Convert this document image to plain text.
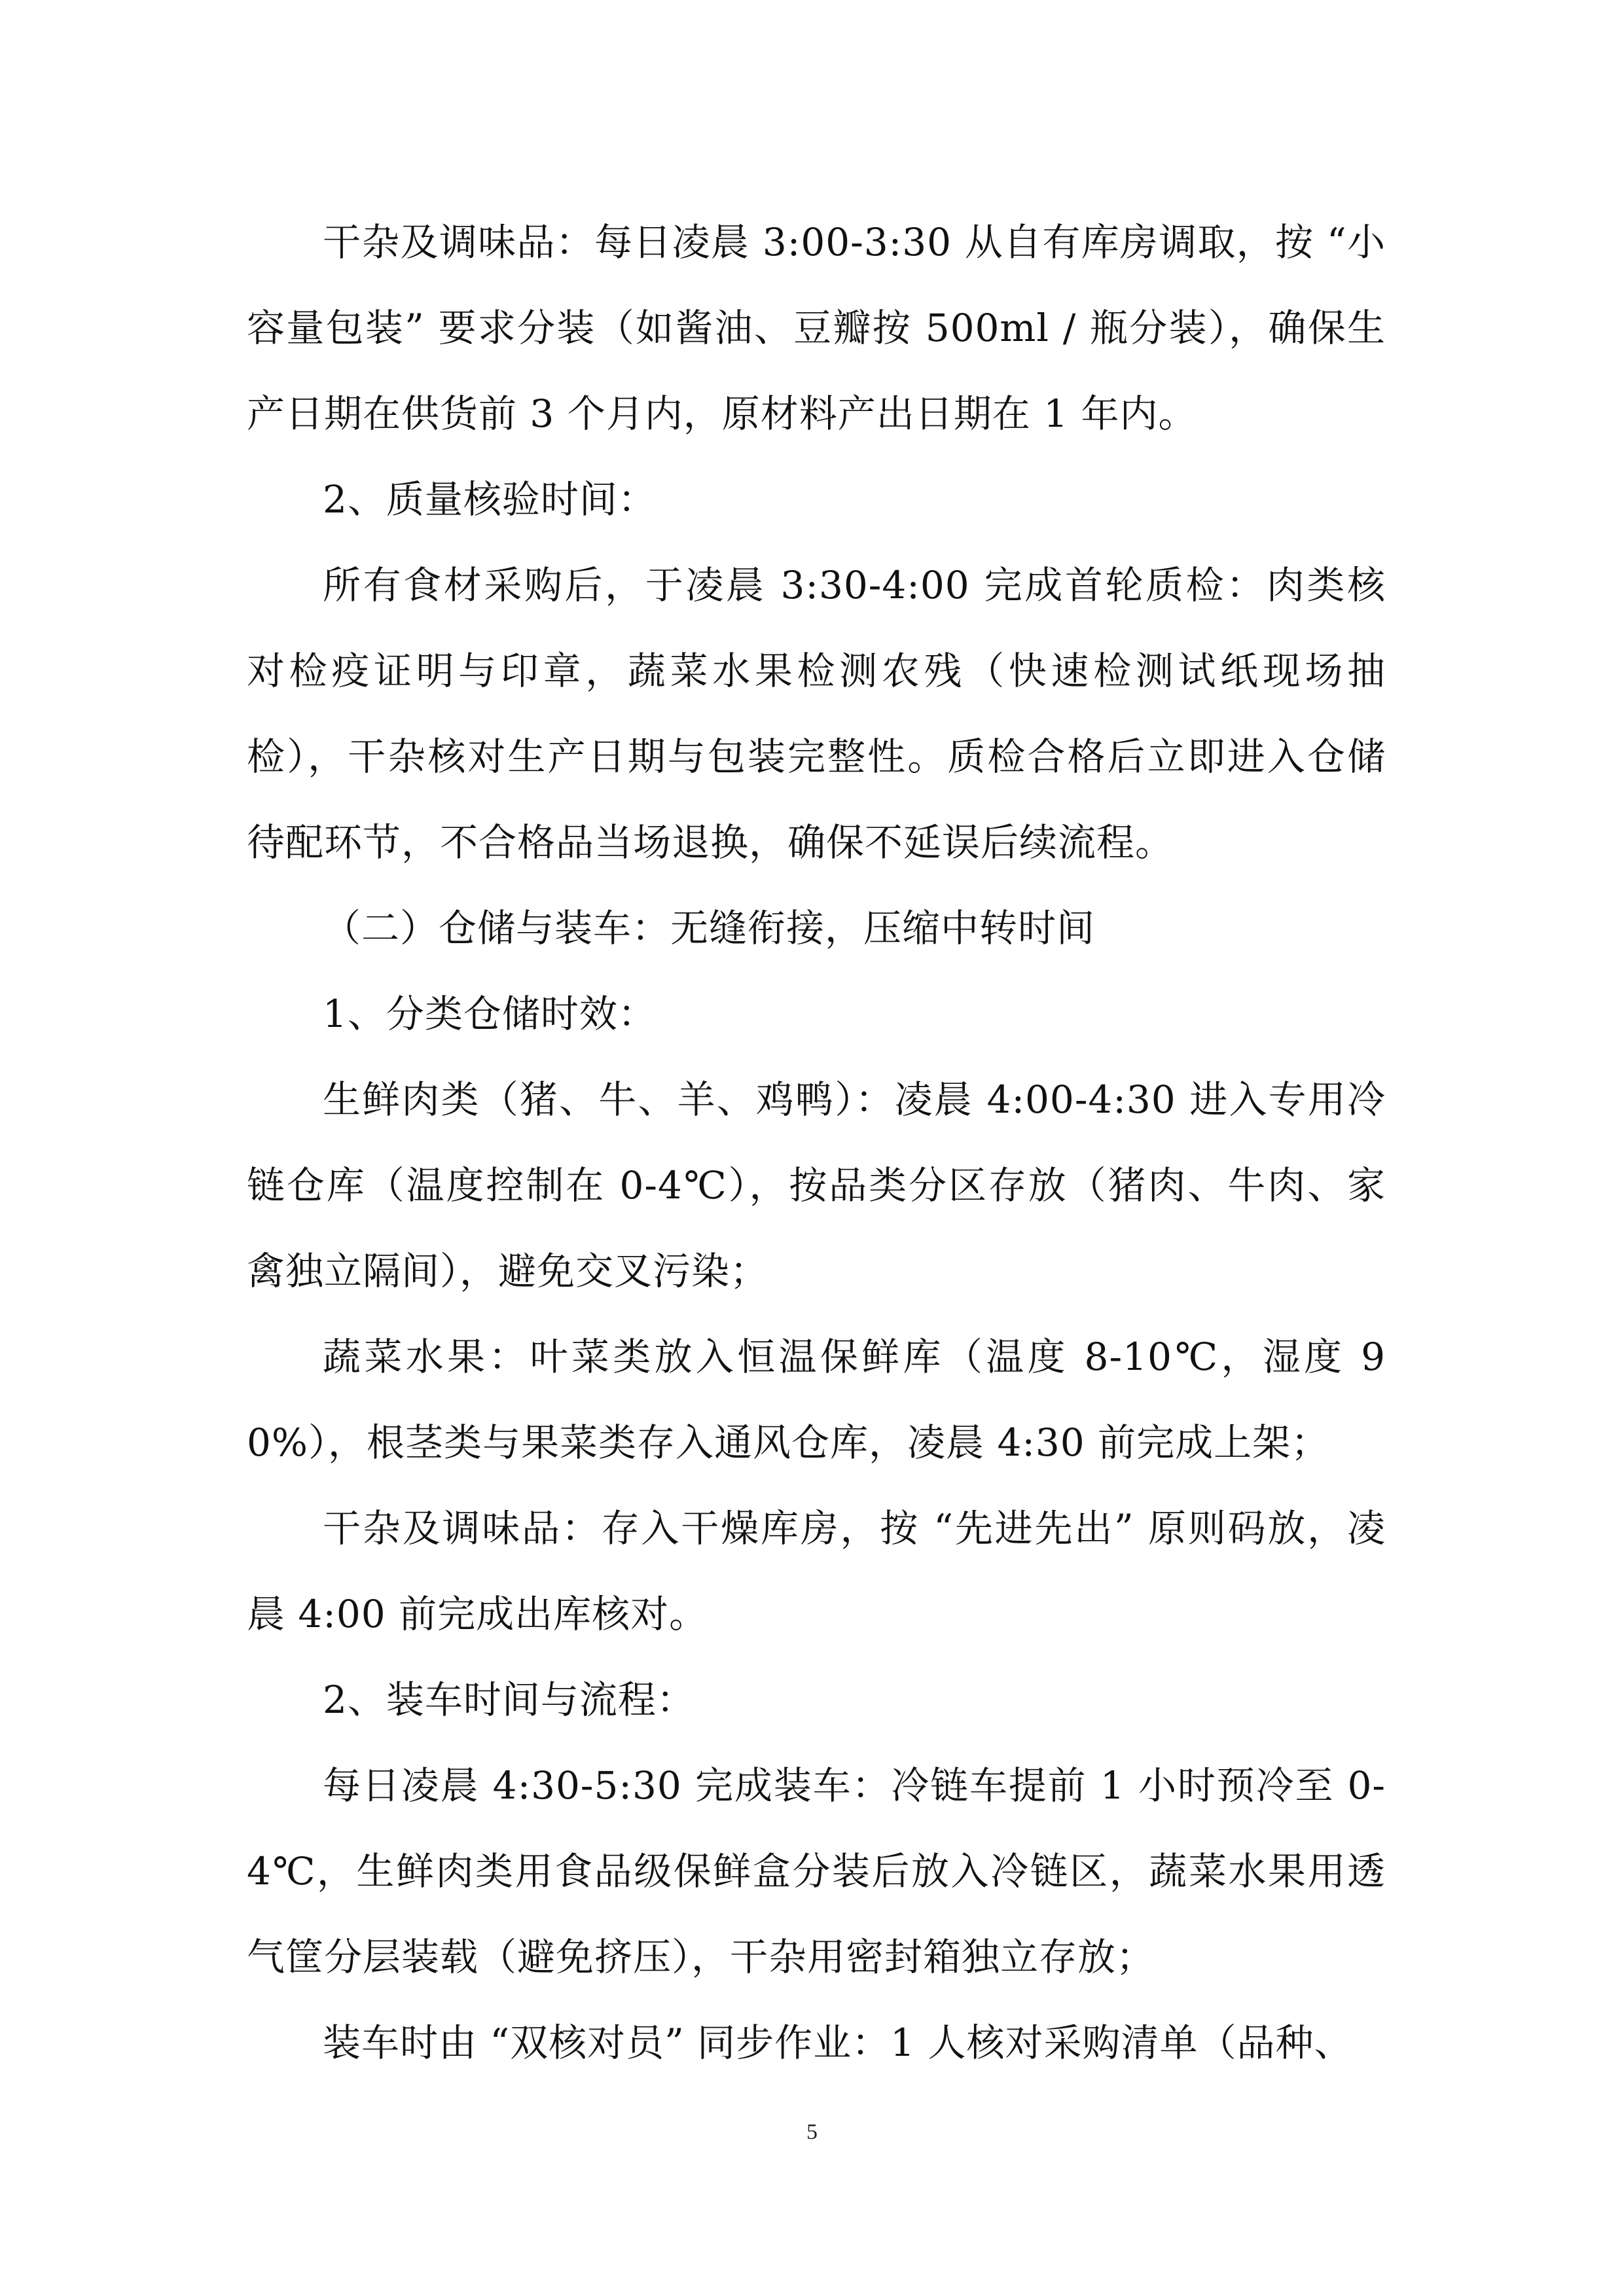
干杂及调味品：每日凌晨 3:00-3:30 从自有库房调取，按 “小容量包装” 要求分装（如酱油、豆瓣按 500ml / 瓶分装），确保生产日期在供货前 3 个月内，原材料产出日期在 1 年内。

2、质量核验时间：

所有食材采购后，于凌晨 3:30-4:00 完成首轮质检：肉类核对检疫证明与印章，蔬菜水果检测农残（快速检测试纸现场抽检），干杂核对生产日期与包装完整性。质检合格后立即进入仓储待配环节，不合格品当场退换，确保不延误后续流程。

（二）仓储与装车：无缝衔接，压缩中转时间

1、分类仓储时效：

生鲜肉类（猪、牛、羊、鸡鸭）：凌晨 4:00-4:30 进入专用冷链仓库（温度控制在 0-4℃），按品类分区存放（猪肉、牛肉、家禽独立隔间），避免交叉污染；

蔬菜水果：叶菜类放入恒温保鲜库（温度 8-10℃，湿度 90%），根茎类与果菜类存入通风仓库，凌晨 4:30 前完成上架；

干杂及调味品：存入干燥库房，按 “先进先出” 原则码放，凌晨 4:00 前完成出库核对。

2、装车时间与流程：

每日凌晨 4:30-5:30 完成装车：冷链车提前 1 小时预冷至 0-4℃，生鲜肉类用食品级保鲜盒分装后放入冷链区，蔬菜水果用透气筐分层装载（避免挤压），干杂用密封箱独立存放；

装车时由 “双核对员” 同步作业：1 人核对采购清单（品种、

5
